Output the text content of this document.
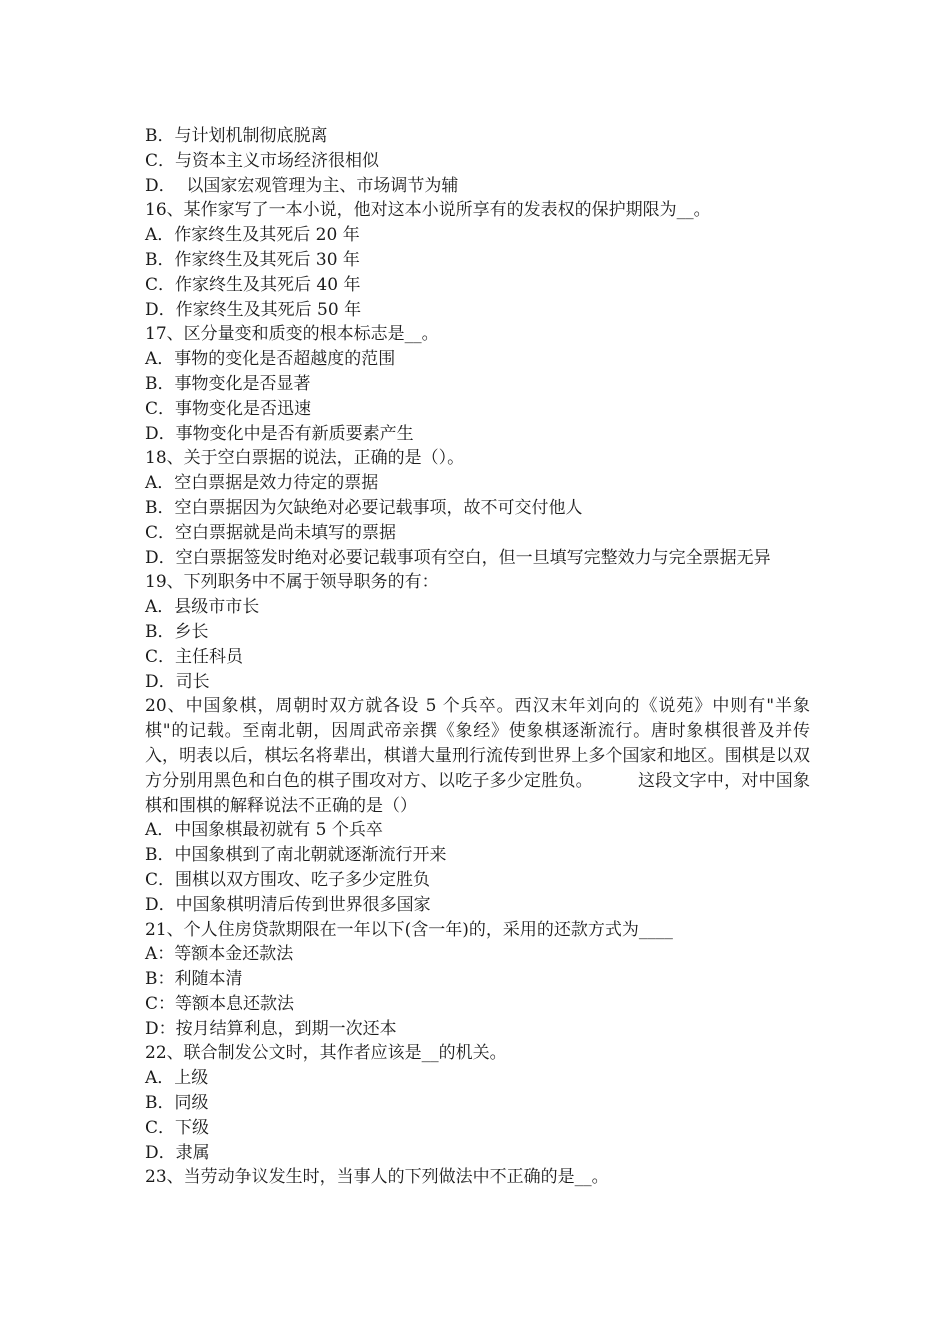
B．与计划机制彻底脱离
C．与资本主义市场经济很相似
D．  以国家宏观管理为主、市场调节为辅
16、某作家写了一本小说，他对这本小说所享有的发表权的保护期限为__。
A．作家终生及其死后 20 年
B．作家终生及其死后 30 年
C．作家终生及其死后 40 年
D．作家终生及其死后 50 年
17、区分量变和质变的根本标志是__。
A．事物的变化是否超越度的范围
B．事物变化是否显著
C．事物变化是否迅速
D．事物变化中是否有新质要素产生
18、关于空白票据的说法，正确的是（）。
A．空白票据是效力待定的票据
B．空白票据因为欠缺绝对必要记载事项，故不可交付他人
C．空白票据就是尚未填写的票据
D．空白票据签发时绝对必要记载事项有空白，但一旦填写完整效力与完全票据无异
19、下列职务中不属于领导职务的有：
A．县级市市长
B．乡长
C．主任科员
D．司长
20、中国象棋，周朝时双方就各设 5 个兵卒。西汉末年刘向的《说苑》中则有"半象棋"的记载。至南北朝，因周武帝亲撰《象经》使象棋逐渐流行。唐时象棋很普及并传入，明表以后，棋坛名将辈出，棋谱大量刑行流传到世界上多个国家和地区。围棋是以双方分别用黑色和白色的棋子围攻对方、以吃子多少定胜负。        这段文字中，对中国象棋和围棋的解释说法不正确的是（）
A．中国象棋最初就有 5 个兵卒
B．中国象棋到了南北朝就逐渐流行开来
C．围棋以双方围攻、吃子多少定胜负
D．中国象棋明清后传到世界很多国家
21、个人住房贷款期限在一年以下(含一年)的，采用的还款方式为____
A：等额本金还款法
B：利随本清
C：等额本息还款法
D：按月结算利息，到期一次还本
22、联合制发公文时，其作者应该是__的机关。
A．上级
B．同级
C．下级
D．隶属
23、当劳动争议发生时，当事人的下列做法中不正确的是__。
